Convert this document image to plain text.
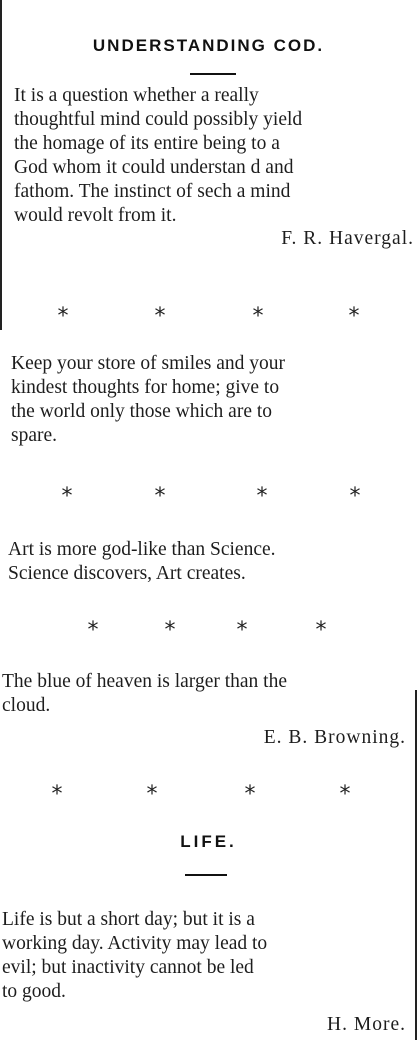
UNDERSTANDING COD.
It is a question whether a really
thoughtful mind could possibly yield
the homage of its entire being to a
God whom it could understan d and
fathom. The instinct of sech a mind
would revolt from it.
F. R. Havergal.
*	*	*	*
Keep your store of smiles and your
kindest thoughts for home; give to
the world only those which are to
spare.
*	*	*	*
Art is more god-like than Science.
Science discovers, Art creates.
*	*	*	*
The blue of heaven is larger than the
cloud.
E. B. Browning.
*	*	*	*
LIFE.
Life is but a short day; but it is a
working day. Activity may lead to
evil; but inactivity cannot be led
to good.
H. More.
